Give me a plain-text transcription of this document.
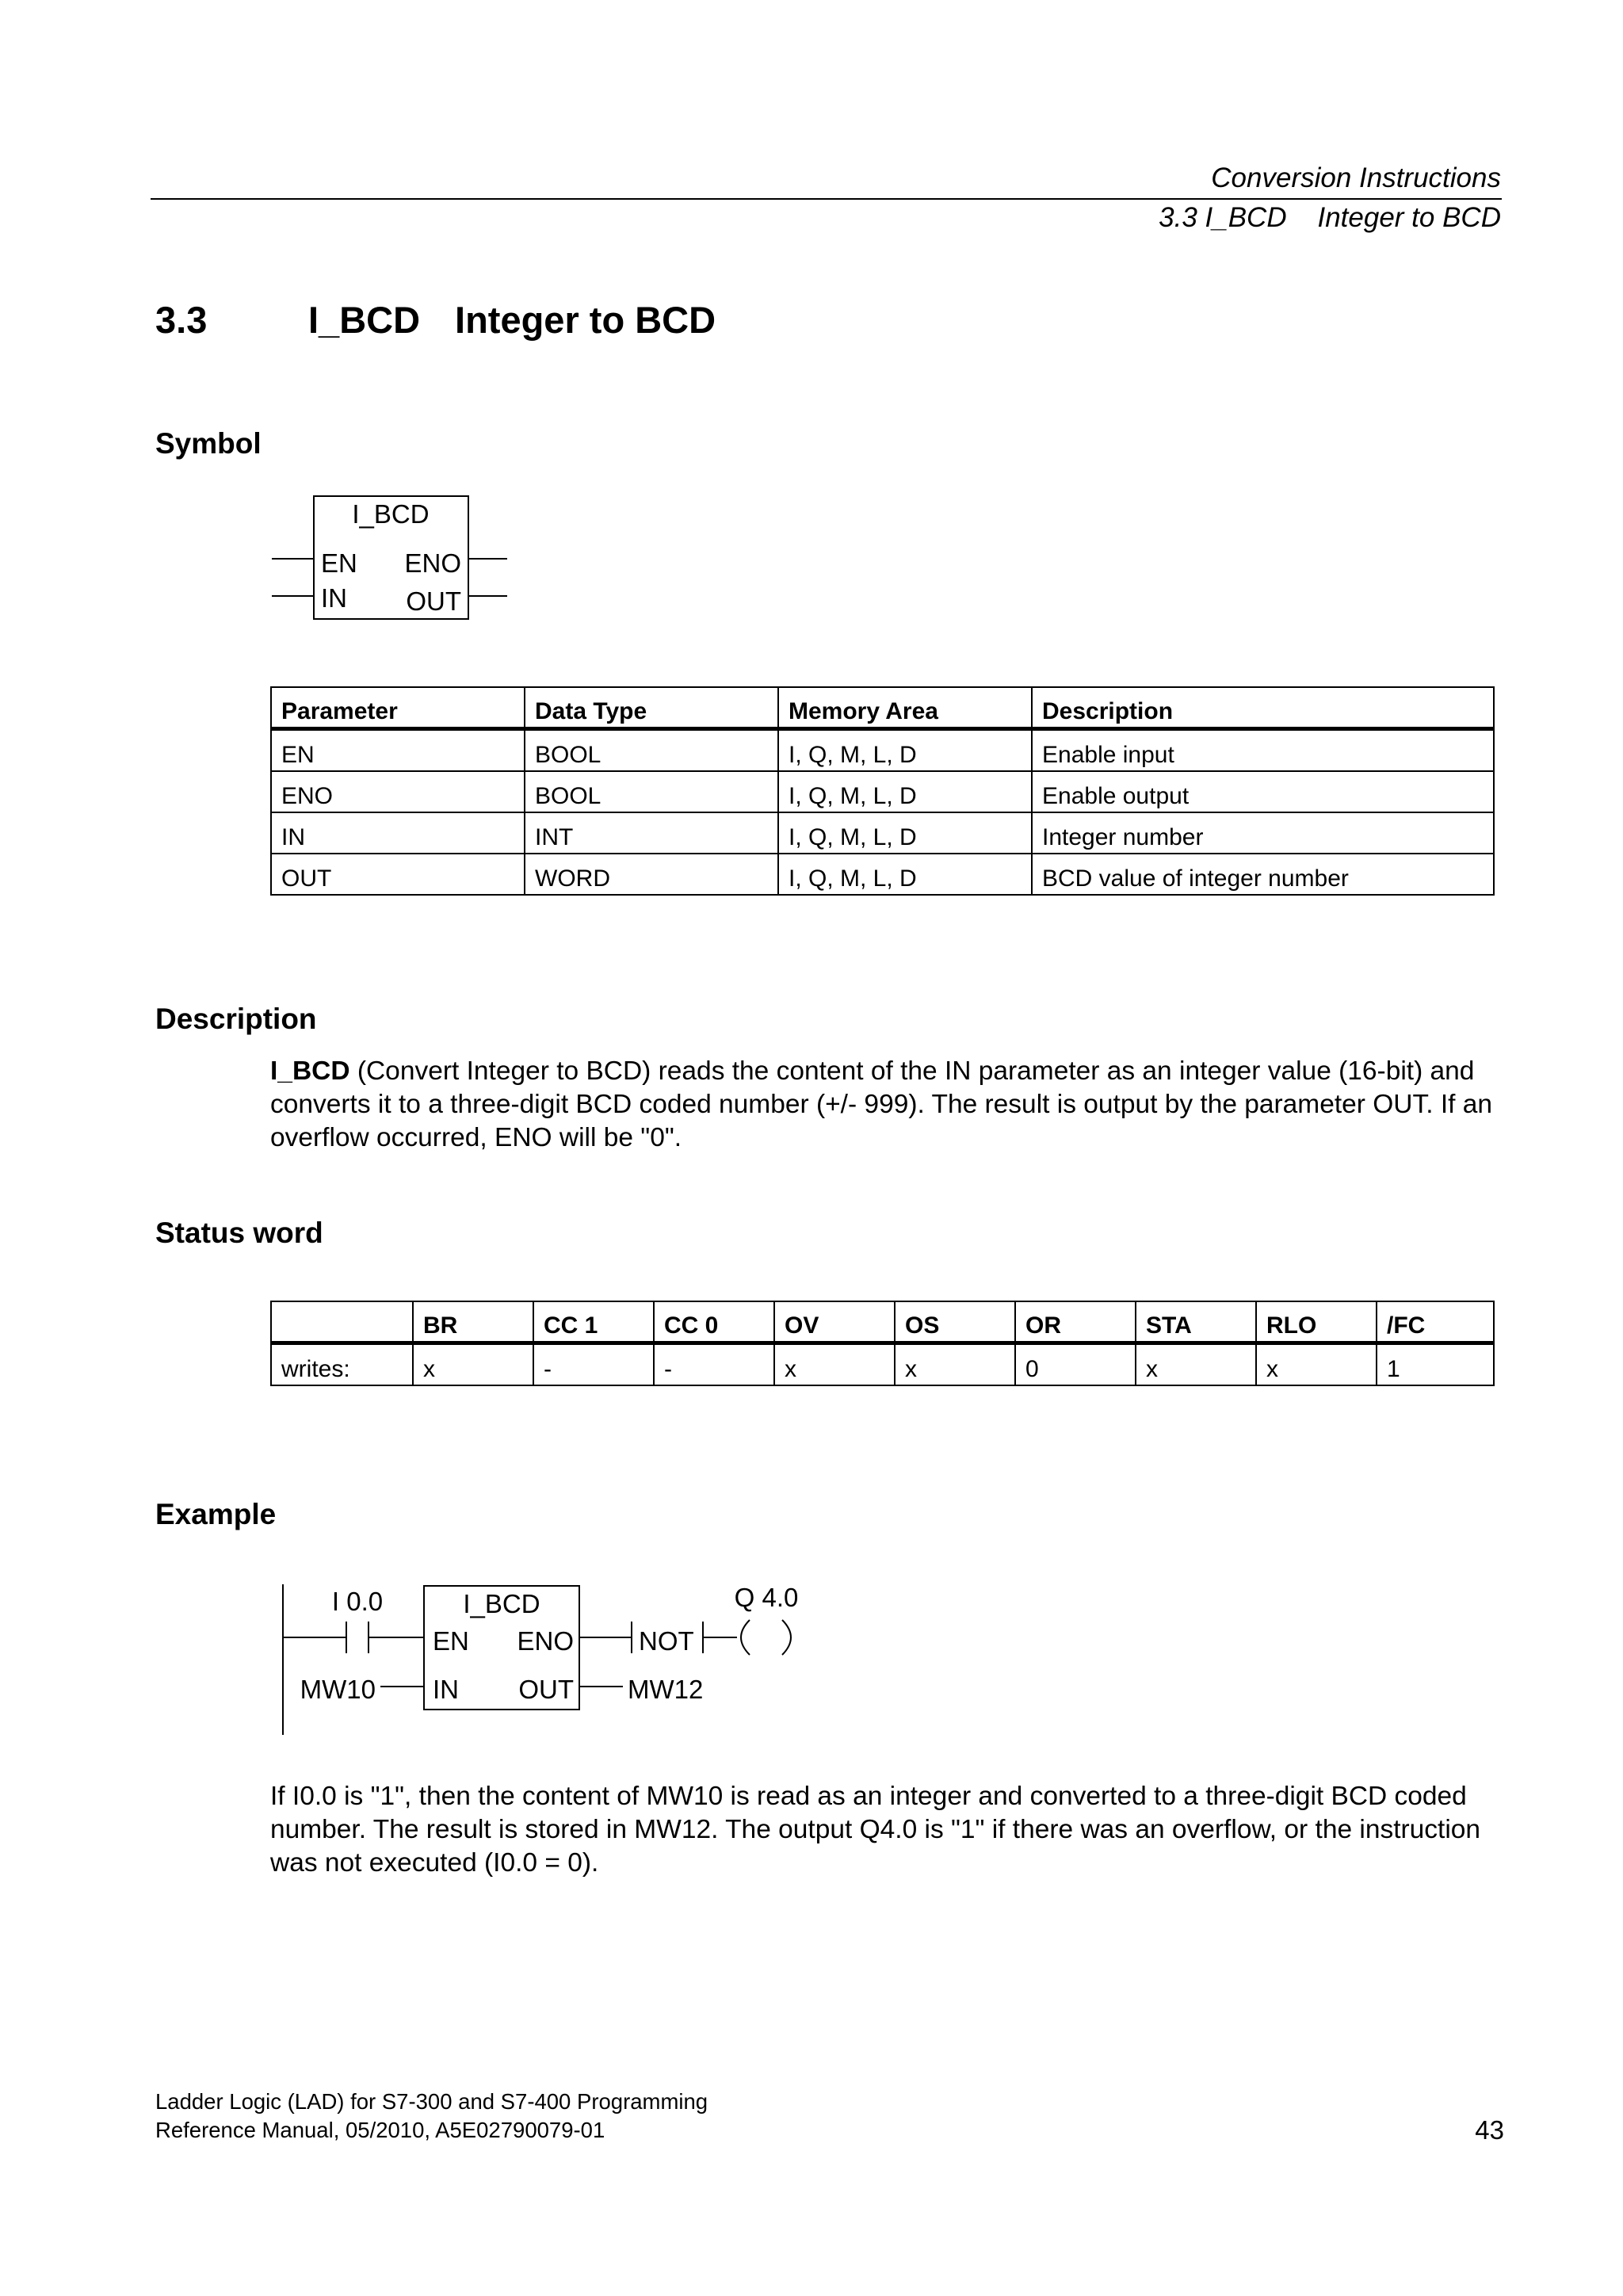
Conversion Instructions
3.3 I_BCD    Integer to BCD
3.3	I_BCD Integer to BCD
Symbol
I_BCD
EN
IN
ENO
OUT
I 0.0	I_BCD
EN ENO
IN OUT
MW10	MW12
NOT
Q 4.0
Parameter	Data Type	Memory Area	Description
EN	BOOL	I, Q, M, L, D	Enable input
ENO	BOOL	I, Q, M, L, D	Enable output
IN	INT	I, Q, M, L, D	Integer number
OUT	WORD	I, Q, M, L, D	BCD value of integer number
Description
I_BCD (Convert Integer to BCD) reads the content of the IN parameter as an integer value (16-bit) and converts it to a three-digit BCD coded number (+/- 999). The result is output by the parameter OUT. If an overflow occurred, ENO will be "0".
Status word
	BR	CC 1	CC 0	OV	OS	OR	STA	RLO	/FC
writes:	x	-	-	x	x	0	x	x	1
Example
If I0.0 is "1", then the content of MW10 is read as an integer and converted to a three-digit BCD coded number. The result is stored in MW12. The output Q4.0 is "1" if there was an overflow, or the instruction was not executed (I0.0 = 0).
Ladder Logic (LAD) for S7-300 and S7-400 Programming
Reference Manual, 05/2010, A5E02790079-01	43
